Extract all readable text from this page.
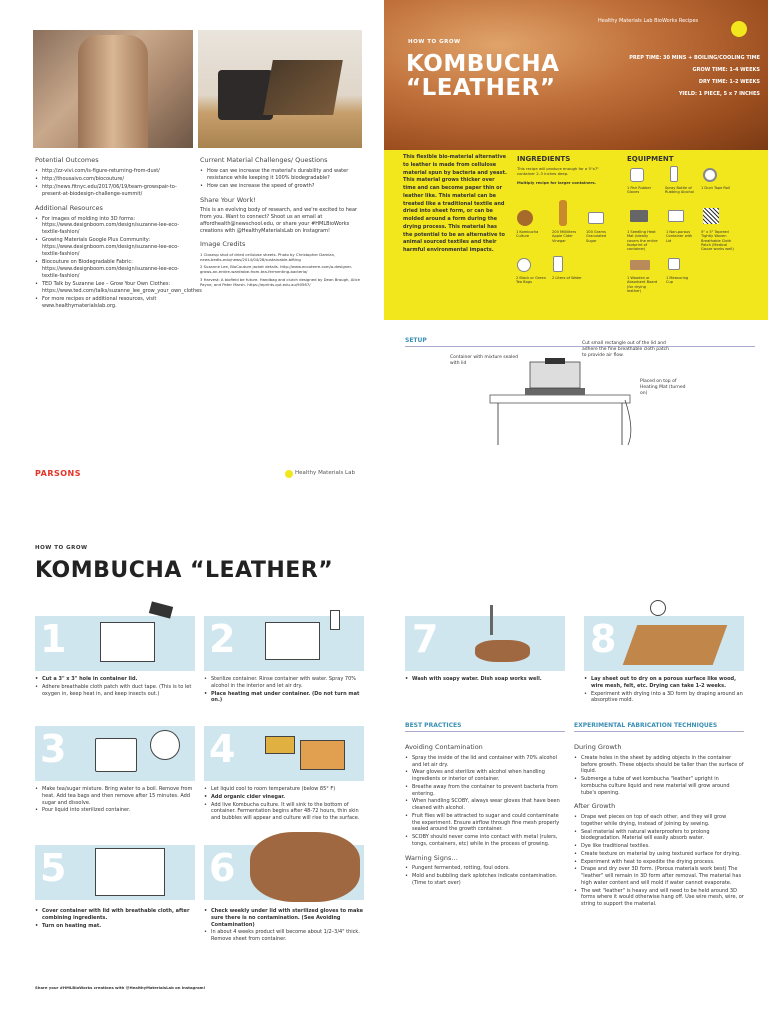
Healthy Materials Lab BioWorks Recipes
HOW TO GROW
KOMBUCHA
“LEATHER”
PREP TIME: 30 MINS + BOILING/COOLING TIME
GROW TIME: 1-4 WEEKS
DRY TIME: 1-2 WEEKS
YIELD: 1 PIECE, 5 x 7 INCHES
This flexible bio-material alternative to leather is made from cellulose material spun by bacteria and yeast. This material grows thicker over time and can become paper thin or leather like. This material can be treated like a traditional textile and dried into sheet form, or can be molded around a form during the drying process. This material has the potential to be an alternative to animal sourced textiles and their harmful environmental impacts.
INGREDIENTS
This recipe will produce enough for a 5"x7" container 2–3 inches deep.
Multiply recipe for larger containers.
EQUIPMENT
1 Kombucha Culture
200 Milliliters Apple Cider Vinegar
100 Grams Granulated Sugar
2 Black or Green Tea Bags
2 Liters of Water
1 Pair Rubber Gloves
Spray Bottle of Rubbing Alcohol
1 Duct Tape Roll
1 Seedling Heat Mat (ideally covers the entire footprint of container)
1 Non-porous Container with Lid
5" x 5" Tapered Tightly Woven Breathable Cloth Patch (Medical Gauze works well)
1 Wooden or Absorbent Board (for drying leather)
1 Measuring Cup
Potential Outcomes
• http://zz-vivi.com/is-figure-returning-from-dust/
• http://thousaivo.com/biocouture/
• http://news.fitnyc.edu/2017/06/19/team-growspair-to-present-at-biodesign-challenge-summit/
Additional Resources
• For images of molding into 3D forms: https://www.designboom.com/design/suzanne-lee-eco-textile-fashion/
• Growing Materials Google Plus Community: https://www.designboom.com/design/suzanne-lee-eco-textile-fashion/
• Biocouture on Biodegradable Fabric: https://www.designboom.com/design/suzanne-lee-eco-textile-fashion/
• TED Talk by Suzanne Lee – Grow Your Own Clothes: https://www.ted.com/talks/suzanne_lee_grow_your_own_clothes
• For more recipes or additional resources, visit www.healthymaterialslab.org.
Current Material Challenges/ Questions
• How can we increase the material's durability and water resistance while keeping it 100% biodegradable?
• How can we increase the speed of growth?
Share Your Work!
This is an evolving body of research, and we're excited to hear from you. Want to connect? Shoot us an email at affordhealth@newschool.edu, or share your #HMLBioWorks creations with @HealthyMaterialsLab on Instagram!
Image Credits
1 Closeup shot of dried cellulose sheets. Photo by Christopher Damian, news.bedts.edu/news/2014/04/28/sustainable-bifting
2 Suzanne Lee, BioCouture jacket details. http://www.ecouterre.com/a-designer-grows-an-entire-wardrobe-from-tea-fermenting-bacteria/
3 Harvest: A biofield be future. Handbag and clutch designed by Dean Brough, Alice Payne, and Peter Marsh. https://eprints.qut.edu.au/90567/
PARSONS	Healthy Materials Lab
SETUP
Container with mixture sealed with lid
Cut small rectangle out of the lid and adhere the fine breathable cloth patch to provide air flow.
Placed on top of Heating Mat (turned on)
HOW TO GROW
KOMBUCHA “LEATHER”
1	2
• Cut a 3" x 3" hole in container lid.
• Adhere breathable cloth patch with duct tape. (This is to let oxygen in, keep heat in, and keep insects out.)
• Sterilize container. Rinse container with water. Spray 70% alcohol in the interior and let air dry.
• Place heating mat under container. (Do not turn mat on.)
3	4
• Make tea/sugar mixture. Bring water to a boil. Remove from heat. Add tea bags and then remove after 15 minutes. Add sugar and dissolve.
• Pour liquid into sterilized container.
• Let liquid cool to room temperature (below 85° F)
• Add organic cider vinegar.
• Add live Kombucha culture. It will sink to the bottom of container. Fermentation begins after 48-72 hours, thin skin and bubbles will appear and culture will rise to the surface.
5	6
• Cover container with lid with breathable cloth, after combining ingredients.
• Turn on heating mat.
• Check weekly under lid with sterilized gloves to make sure there is no contamination. (See Avoiding Contamination)
• In about 4 weeks product will become about 1/2–3/4" thick. Remove sheet from container.
7	8
• Wash with soapy water. Dish soap works well.	• Lay sheet out to dry on a porous surface like wood, wire mesh, felt, etc. Drying can take 1-2 weeks.
• Experiment with drying into a 3D form by draping around an absorptive mold.
BEST PRACTICES
Avoiding Contamination
• Spray the inside of the lid and container with 70% alcohol and let air dry.
• Wear gloves and sterilize with alcohol when handling ingredients or interior of container.
• Breathe away from the container to prevent bacteria from entering.
• When handling SCOBY, always wear gloves that have been cleaned with alcohol.
• Fruit flies will be attracted to sugar and could contaminate the experiment. Ensure airflow through fine mesh properly sealed around the growth container.
• SCOBY should never come into contact with metal (rulers, tongs, containers, etc) while in the process of growing.
Warning Signs…
• Pungent fermented, rotting, foul odors.
• Mold and bubbling dark splotches indicate contamination. (Time to start over)
EXPERIMENTAL FABRICATION TECHNIQUES
During Growth
• Create holes in the sheet by adding objects in the container before growth. These objects should be taller than the surface of liquid.
• Submerge a tube of wet kombucha "leather" upright in kombucha culture liquid and new material will grow around tube's opening.
After Growth
• Drape wet pieces on top of each other, and they will grow together while drying, instead of joining by sewing.
• Seal material with natural waterproofers to prolong biodegradation. Material will easily absorb water.
• Dye like traditional textiles.
• Create texture on material by using textured surface for drying.
• Experiment with heat to expedite the drying process.
• Drape and dry over 3D form. (Porous materials work best) The "leather" will remain in 3D form after removal. The material has high water content and will mold if water cannot evaporate.
• The wet "leather" is heavy and will need to be held around 3D forms where it would otherwise hang off. Use wire mesh, wire, or string to support the material.
Share your #HMLBioWorks creations with @HealthyMaterialsLab on Instagram!
